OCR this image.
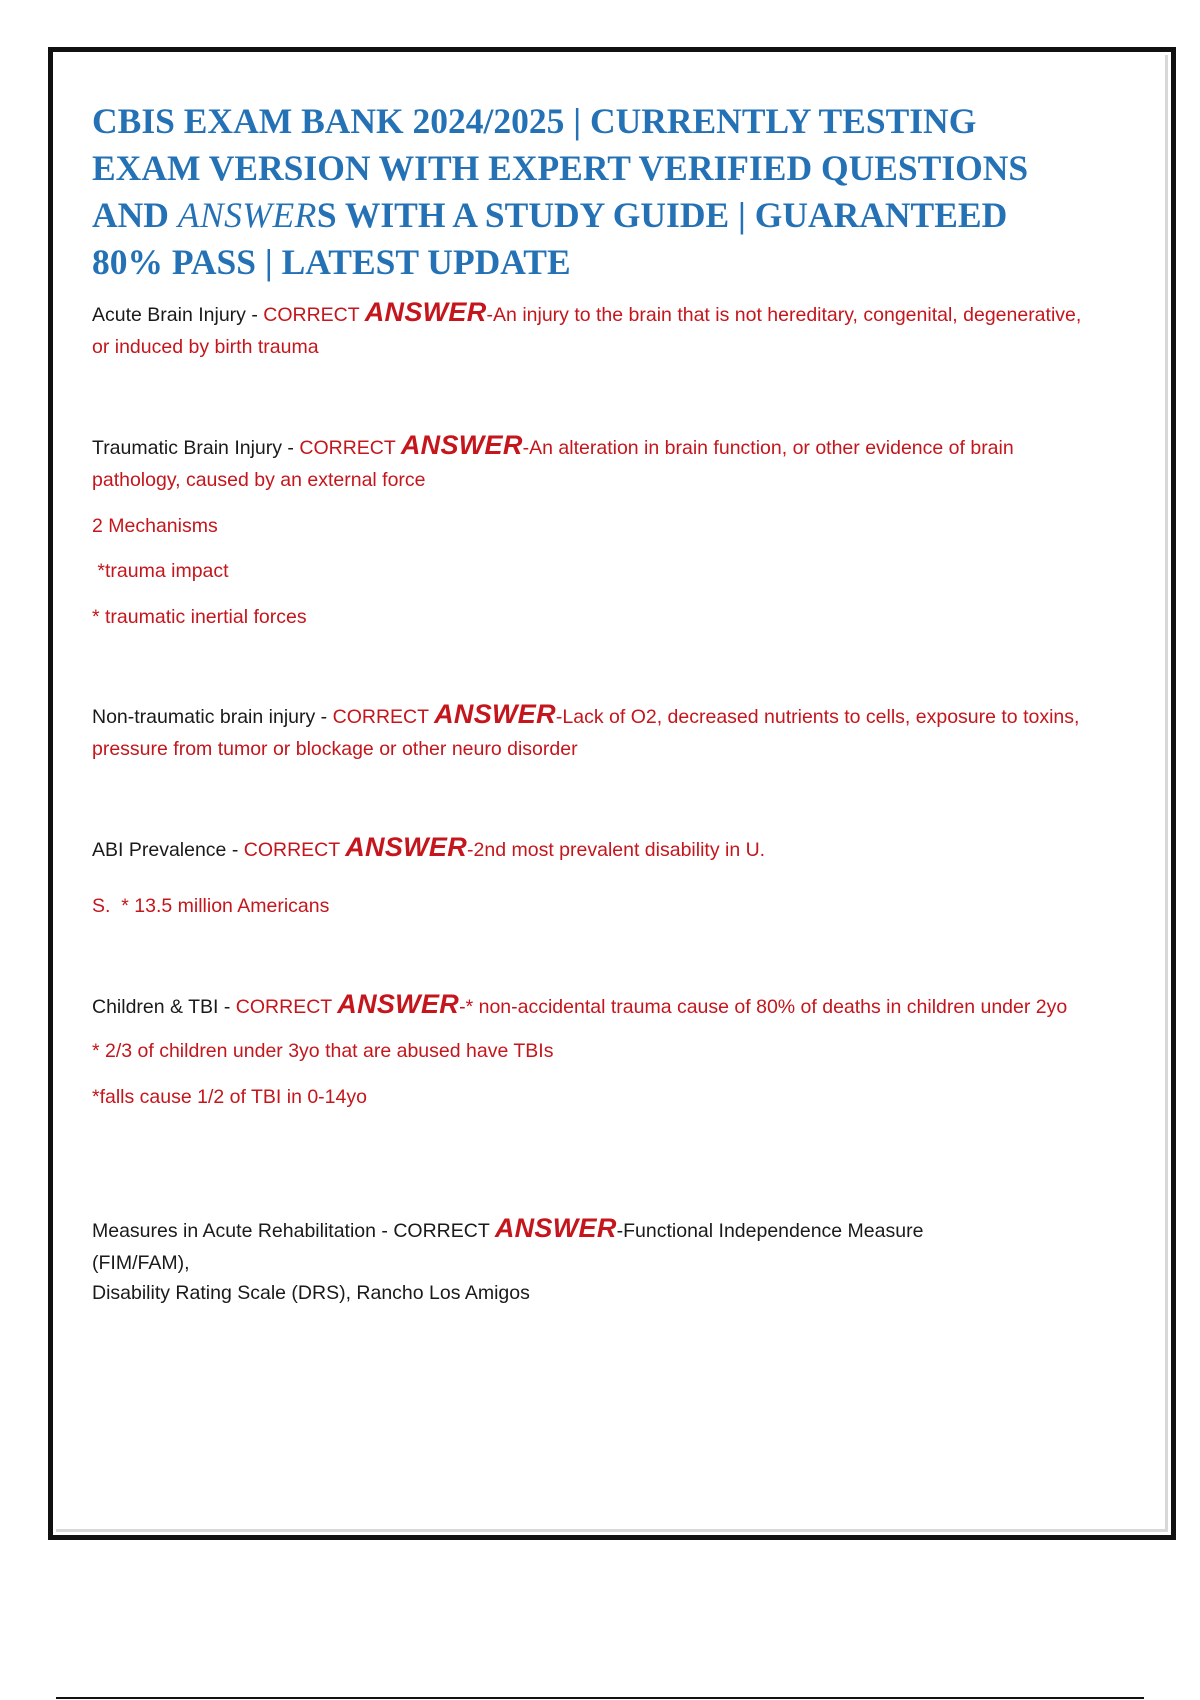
CBIS EXAM BANK 2024/2025 | CURRENTLY TESTING EXAM VERSION WITH EXPERT VERIFIED QUESTIONS AND ANSWERS WITH A STUDY GUIDE | GUARANTEED 80% PASS | LATEST UPDATE

Acute Brain Injury - CORRECT ANSWER-An injury to the brain that is not hereditary, congenital, degenerative, or induced by birth trauma

Traumatic Brain Injury - CORRECT ANSWER-An alteration in brain function, or other evidence of brain pathology, caused by an external force

2 Mechanisms

*trauma impact

* traumatic inertial forces

Non-traumatic brain injury - CORRECT ANSWER-Lack of O2, decreased nutrients to cells, exposure to toxins, pressure from tumor or blockage or other neuro disorder

ABI Prevalence - CORRECT ANSWER-2nd most prevalent disability in U.

S.  * 13.5 million Americans

Children & TBI - CORRECT ANSWER-* non-accidental trauma cause of 80% of deaths in children under 2yo

* 2/3 of children under 3yo that are abused have TBIs

*falls cause 1/2 of TBI in 0-14yo

Measures in Acute Rehabilitation - CORRECT ANSWER-Functional Independence Measure (FIM/FAM),

Disability Rating Scale (DRS), Rancho Los Amigos
